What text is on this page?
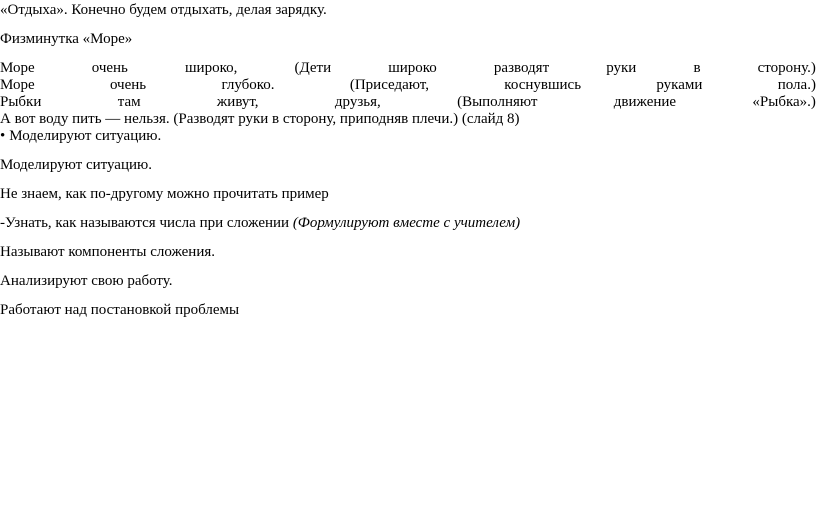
«Отдыха». Конечно будем отдыхать, делая зарядку.
Физминутка «Море»
Море	очень	широко,	(Дети	широко	разводят	руки	в	сторону.)
Море	очень	глубоко.	(Приседают,	коснувшись	руками	пола.)
Рыбки	там	живут,	друзья,	(Выполняют	движение	«Рыбка».)
А вот воду пить — нельзя. (Разводят руки в сторону, приподняв плечи.) (слайд 8)
• Моделируют ситуацию.
Моделируют ситуацию.
Не знаем, как по-другому можно прочитать пример
-Узнать, как называются числа при сложении (Формулируют вместе с учителем)
Называют компоненты сложения.
Анализируют свою работу.
Работают над постановкой проблемы
